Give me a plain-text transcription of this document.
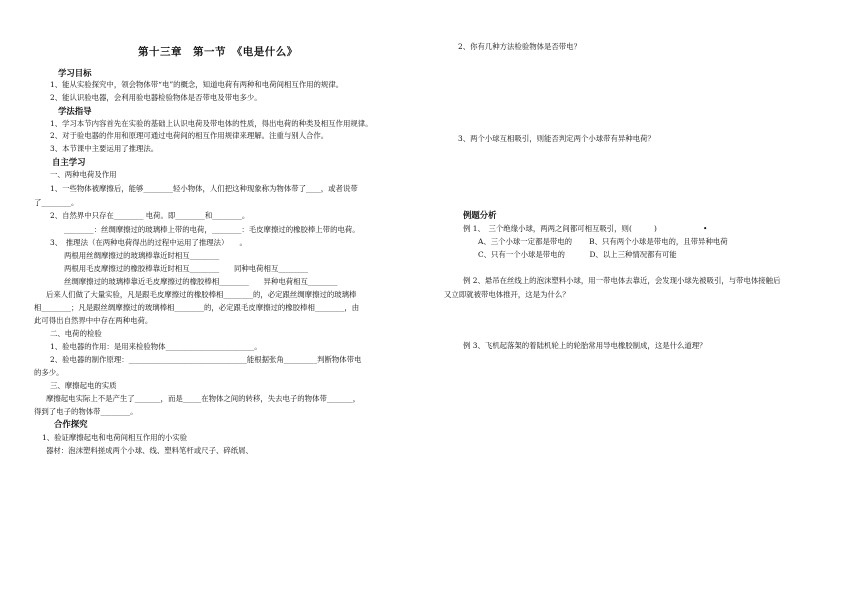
第十三章　第一节　《电是什么》
学习目标
1、能从实验探究中，领会物体带“电”的概念，知道电荷有两种和电荷间相互作用的规律。
2、能认识验电器，会利用验电器检验物体是否带电及带电多少。
学法指导
1、学习本节内容首先在实验的基础上认识电荷及带电体的性质，得出电荷的种类及相互作用规律。
2、对于验电器的作用和原理可通过电荷间的相互作用规律来理解。注重与别人合作。
3、本节课中主要运用了推理法。
自主学习
一、两种电荷及作用
1、一些物体被摩擦后，能够________轻小物体，人们把这种现象称为物体带了____，或者说带
了________。
2、自然界中只存在________ 电荷。即________和________。
________：丝绸摩擦过的玻璃棒上带的电荷，________：毛皮摩擦过的橡胶棒上带的电荷。
3、　推理法（在两种电荷得出的过程中运用了推理法）　　。
两根用丝绸摩擦过的玻璃棒靠近时相互________
两根用毛皮摩擦过的橡胶棒靠近时相互________　　同种电荷相互________
丝绸摩擦过的玻璃棒靠近毛皮摩擦过的橡胶棒相________　　异种电荷相互________
后来人们做了大量实验，凡是跟毛皮摩擦过的橡胶棒相________的，必定跟丝绸摩擦过的玻璃棒
相________；凡是跟丝绸摩擦过的玻璃棒相________的，必定跟毛皮摩擦过的橡胶棒相________，由
此可得出自然界中中存在两种电荷。
二、电荷的检验
1、验电器的作用：是用来检验物体________________________。
2、验电器的制作原理：________________________________能根据张角_________判断物体带电
的多少。
三、摩擦起电的实质
摩擦起电实际上不是产生了_______，而是_____在物体之间的转移，失去电子的物体带_______，
得到了电子的物体带________。
合作探究
1、验证摩擦起电和电荷间相互作用的小实验
器材：泡沫塑料搓成两个小球、线、塑料笔杆或尺子、碎纸屑、
2、你有几种方法检验物体是否带电？
3、两个小球互相吸引，则能否判定两个小球带有异种电荷？
例题分析
例 1、　三个绝缘小球，两两之间都可相互吸引，则(　　　)	•
A、三个小球一定都是带电的　　 B、只有两个小球是带电的，且带异种电荷
C、只有一个小球是带电的　　　 D、以上三种情况都有可能
例 2、悬吊在丝线上的泡沫塑料小球，用一带电体去靠近，会发现小球先被吸引，与带电体接触后
又立即就被带电体推开，这是为什么？
例 3、飞机起落架的着陆机轮上的轮胎常用导电橡胶制成，这是什么道理？
